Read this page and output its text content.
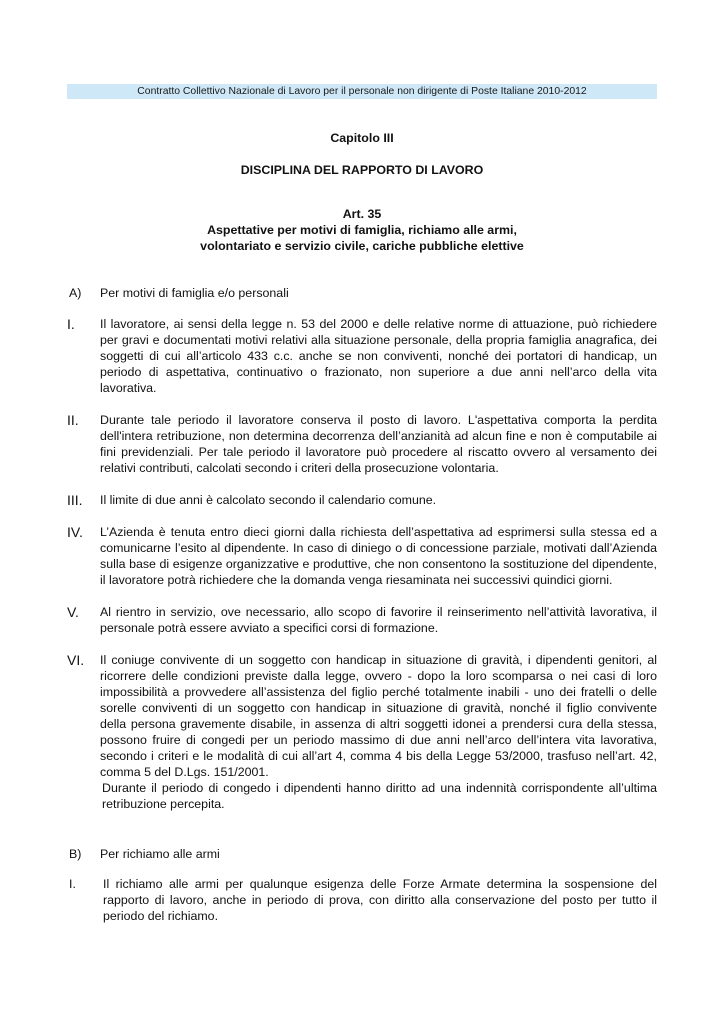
Contratto Collettivo Nazionale di Lavoro per il personale non dirigente di Poste Italiane 2010-2012
Capitolo III
DISCIPLINA DEL RAPPORTO DI LAVORO
Art. 35
Aspettative per motivi di famiglia, richiamo alle armi,
volontariato e servizio civile, cariche pubbliche elettive
A) Per motivi di famiglia e/o personali
I. Il lavoratore, ai sensi della legge n. 53 del 2000 e delle relative norme di attuazione, può richiedere per gravi e documentati motivi relativi alla situazione personale, della propria famiglia anagrafica, dei soggetti di cui all’articolo 433 c.c. anche se non conviventi, nonché dei portatori di handicap, un periodo di aspettativa, continuativo o frazionato, non superiore a due anni nell’arco della vita lavorativa.
II. Durante tale periodo il lavoratore conserva il posto di lavoro. L'aspettativa comporta la perdita dell'intera retribuzione, non determina decorrenza dell’anzianità ad alcun fine e non è computabile ai fini previdenziali. Per tale periodo il lavoratore può procedere al riscatto ovvero al versamento dei relativi contributi, calcolati secondo i criteri della prosecuzione volontaria.
III. Il limite di due anni è calcolato secondo il calendario comune.
IV. L’Azienda è tenuta entro dieci giorni dalla richiesta dell’aspettativa ad esprimersi sulla stessa ed a comunicarne l’esito al dipendente. In caso di diniego o di concessione parziale, motivati dall’Azienda sulla base di esigenze organizzative e produttive, che non consentono la sostituzione del dipendente, il lavoratore potrà richiedere che la domanda venga riesaminata nei successivi quindici giorni.
V. Al rientro in servizio, ove necessario, allo scopo di favorire il reinserimento nell’attività lavorativa, il personale potrà essere avviato a specifici corsi di formazione.
VI. Il coniuge convivente di un soggetto con handicap in situazione di gravità, i dipendenti genitori, al ricorrere delle condizioni previste dalla legge, ovvero - dopo la loro scomparsa o nei casi di loro impossibilità a provvedere all’assistenza del figlio perché totalmente inabili - uno dei fratelli o delle sorelle conviventi di un soggetto con handicap in situazione di gravità, nonché il figlio convivente della persona gravemente disabile, in assenza di altri soggetti idonei a prendersi cura della stessa, possono fruire di congedi per un periodo massimo di due anni nell’arco dell’intera vita lavorativa, secondo i criteri e le modalità di cui all’art 4, comma 4 bis della Legge 53/2000, trasfuso nell’art. 42, comma 5 del D.Lgs. 151/2001.

Durante il periodo di congedo i dipendenti hanno diritto ad una indennità corrispondente all’ultima retribuzione percepita.

B) Per richiamo alle armi
I. Il richiamo alle armi per qualunque esigenza delle Forze Armate determina la sospensione del rapporto di lavoro, anche in periodo di prova, con diritto alla conservazione del posto per tutto il periodo del richiamo.
